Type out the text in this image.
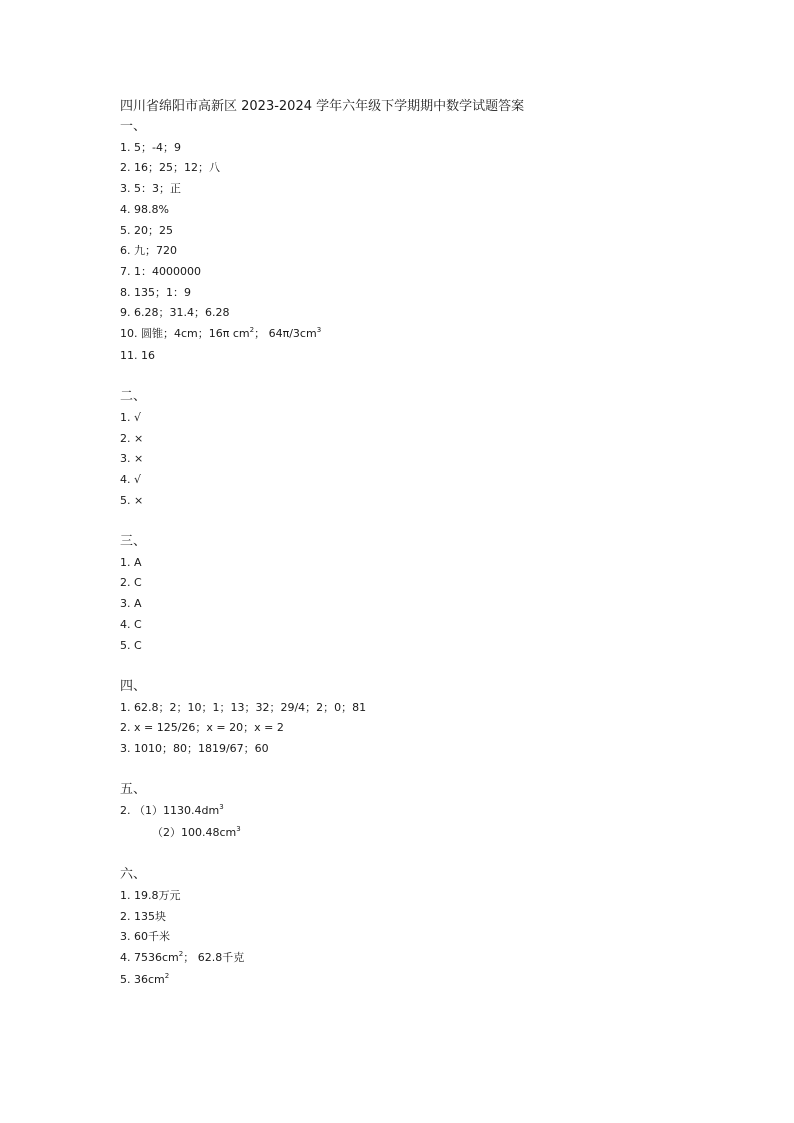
四川省绵阳市高新区 2023-2024 学年六年级下学期期中数学试题答案

一、

1. 5；-4；9

2. 16；25；12；八

3. 5：3；正

4. 98.8%

5. 20；25

6. 九；720

7. 1：4000000

8. 135；1：9

9. 6.28；31.4；6.28

10. 圆锥；4cm；16π $cm^2$； $64\pi/3cm^3$

11. 16

二、

1. √

2. ×

3. ×

4. √

5. ×

三、

1. A

2. C

3. A

4. C

5. C

四、

1. 62.8；2；10；1；13；32；29/4；2；0；81

2. x = 125/26；x = 20；x = 2

3. 1010；80；1819/67；60

五、

2. $(1)1130.4dm^3$

$(2)100.48cm^3$

六、

1. 19.8万元

2. 135块

3. 60千米

4. $7536cm^2$； 62.8千克

5. $36cm^2$
